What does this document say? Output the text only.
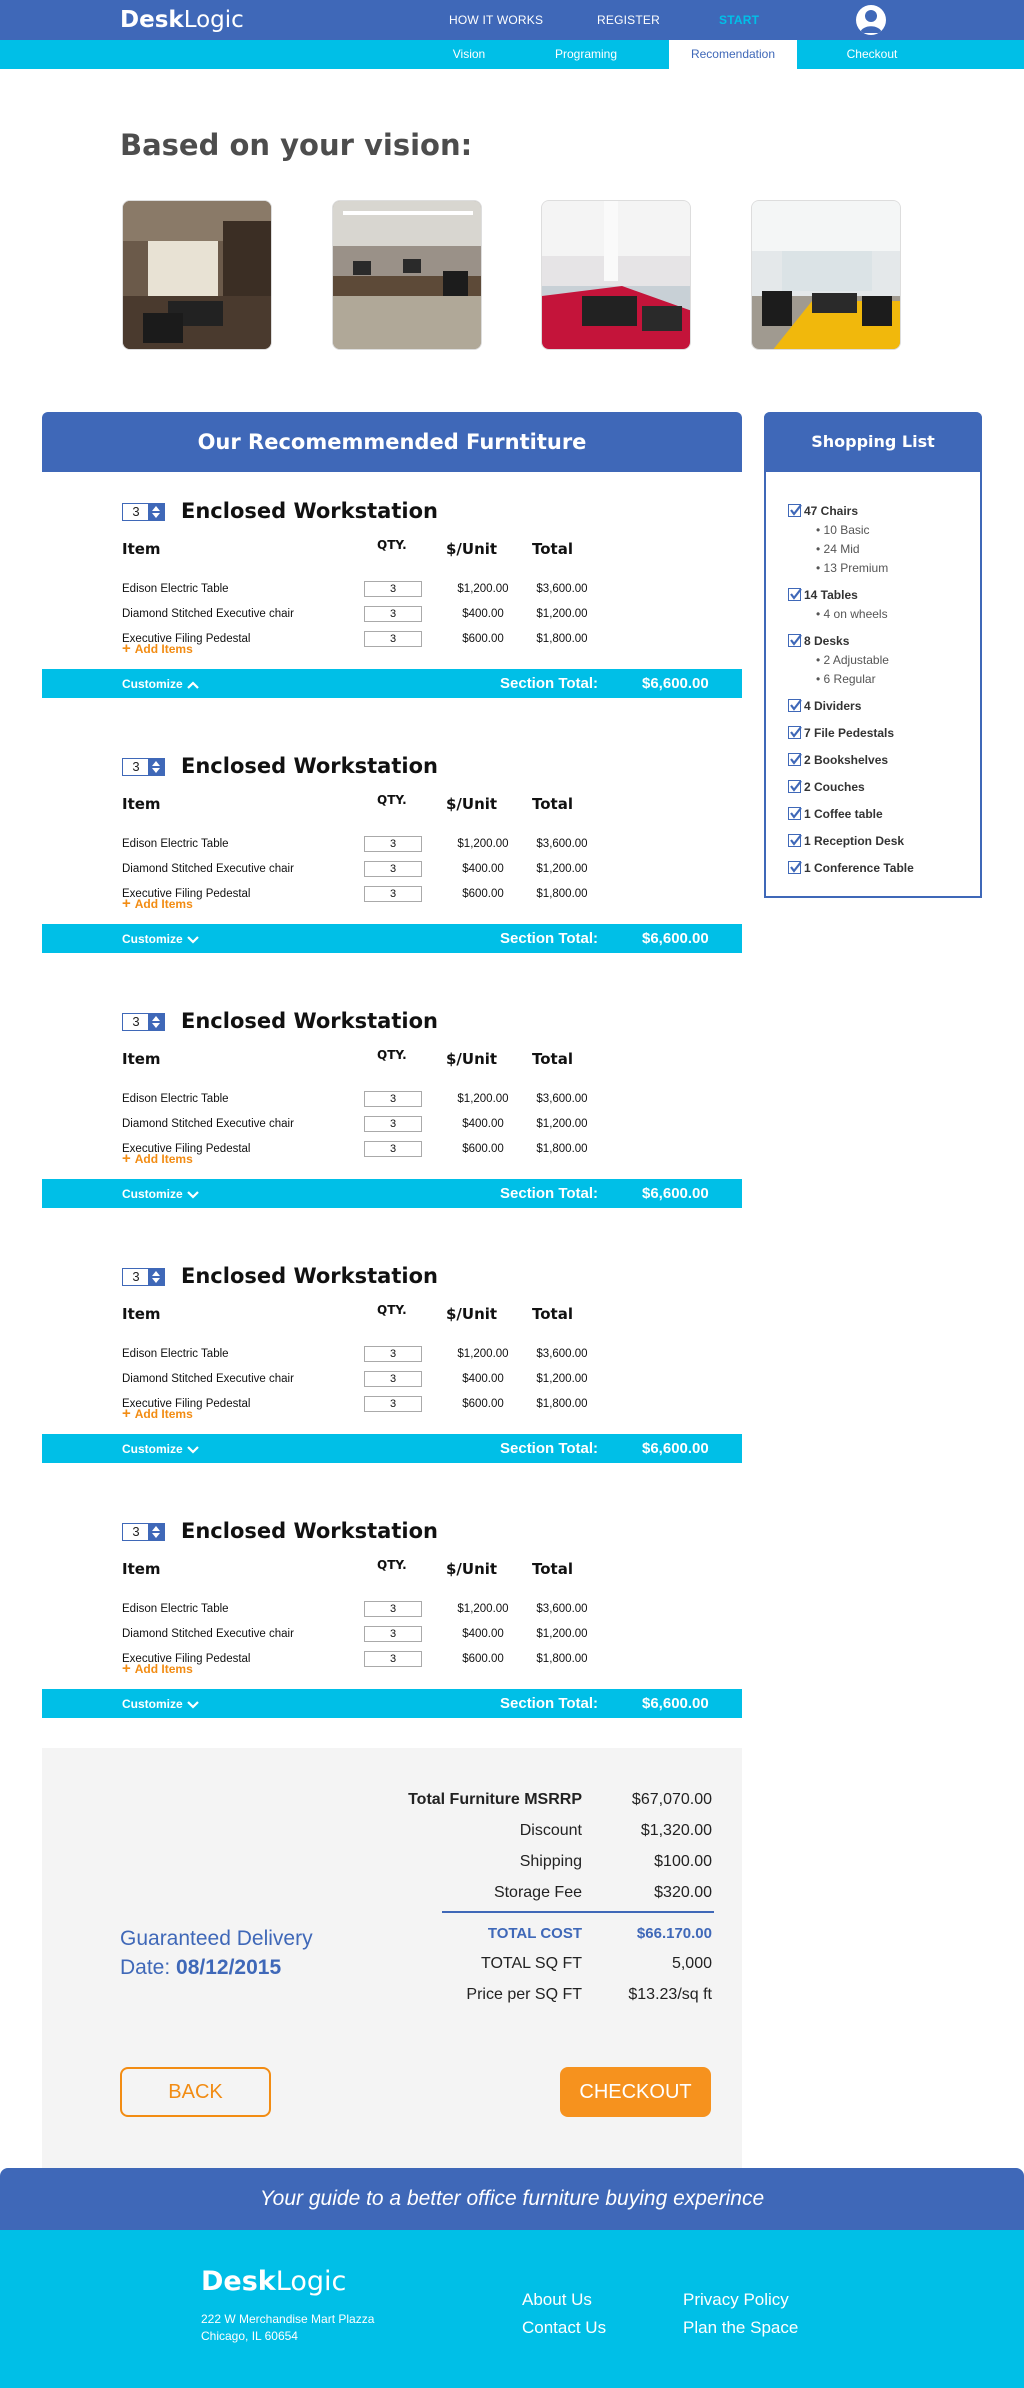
DeskLogic	HOW IT WORKS	REGISTER	START
Vision	Programing	Recomendation	Checkout
Based on your vision:
Our Recomemmended Furntiture
3	Enclosed Workstation
Item	QTY.	$/Unit Total
Edison Electric Table	3	$1,200.00	$3,600.00
Diamond Stitched Executive chair	3	$400.00	$1,200.00
Executive Filing Pedestal	3	$600.00	$1,800.00
+ Add Items
Customize	Section Total:	$6,600.00
3	Enclosed Workstation
Item	QTY.	$/Unit Total
Edison Electric Table	3	$1,200.00	$3,600.00
Diamond Stitched Executive chair	3	$400.00	$1,200.00
Executive Filing Pedestal	3	$600.00	$1,800.00
+ Add Items
Customize	Section Total:	$6,600.00
3	Enclosed Workstation
Item	QTY.	$/Unit Total
Edison Electric Table	3	$1,200.00	$3,600.00
Diamond Stitched Executive chair	3	$400.00	$1,200.00
Executive Filing Pedestal	3	$600.00	$1,800.00
+ Add Items
Customize	Section Total:	$6,600.00
3	Enclosed Workstation
Item	QTY.	$/Unit Total
Edison Electric Table	3	$1,200.00	$3,600.00
Diamond Stitched Executive chair	3	$400.00	$1,200.00
Executive Filing Pedestal	3	$600.00	$1,800.00
+ Add Items
Customize	Section Total:	$6,600.00
3	Enclosed Workstation
Item	QTY.	$/Unit Total
Edison Electric Table	3	$1,200.00	$3,600.00
Diamond Stitched Executive chair	3	$400.00	$1,200.00
Executive Filing Pedestal	3	$600.00	$1,800.00
+ Add Items
Customize	Section Total:	$6,600.00
Shopping List
47 Chairs
• 10 Basic
• 24 Mid
• 13 Premium
14 Tables
• 4 on wheels
8 Desks
• 2 Adjustable
• 6 Regular
4 Dividers
7 File Pedestals
2 Bookshelves
2 Couches
1 Coffee table
1 Reception Desk
1 Conference Table
Total Furniture MSRRP	$67,070.00
Discount	$1,320.00
Shipping	$100.00
Storage Fee	$320.00
TOTAL COST	$66.170.00
TOTAL SQ FT	5,000
Price per SQ FT	$13.23/sq ft
Guaranteed Delivery
Date: 08/12/2015
BACK	CHECKOUT
Your guide to a better office furniture buying experince
DeskLogic
222 W Merchandise Mart Plazza
Chicago, IL 60654
About Us
Contact Us
Privacy Policy
Plan the Space
